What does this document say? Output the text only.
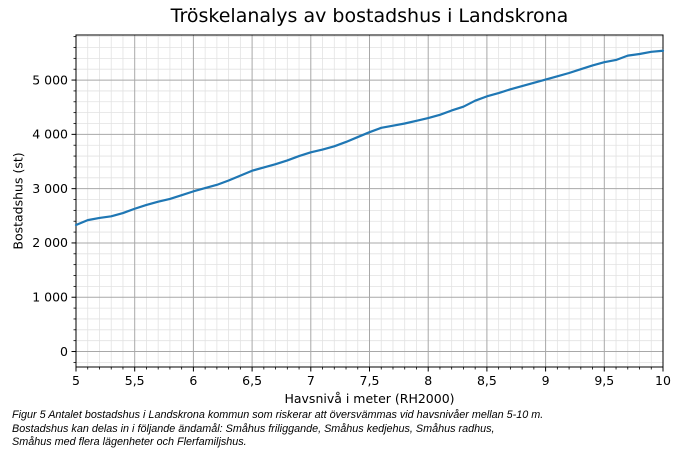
Tröskelanalys av bostadshus i Landskrona
5	5,5	6	6,5	7	7,5	8	8,5	9	9,5	10
0
1 000
2 000
3 000
4 000
5 000
Havsnivå i meter (RH2000)
Bostadshus (st)
Figur 5 Antalet bostadshus i Landskrona kommun som riskerar att översvämmas vid havsnivåer mellan 5-10 m.
Bostadshus kan delas in i följande ändamål: Småhus friliggande, Småhus kedjehus, Småhus radhus,
Småhus med flera lägenheter och Flerfamiljshus.
